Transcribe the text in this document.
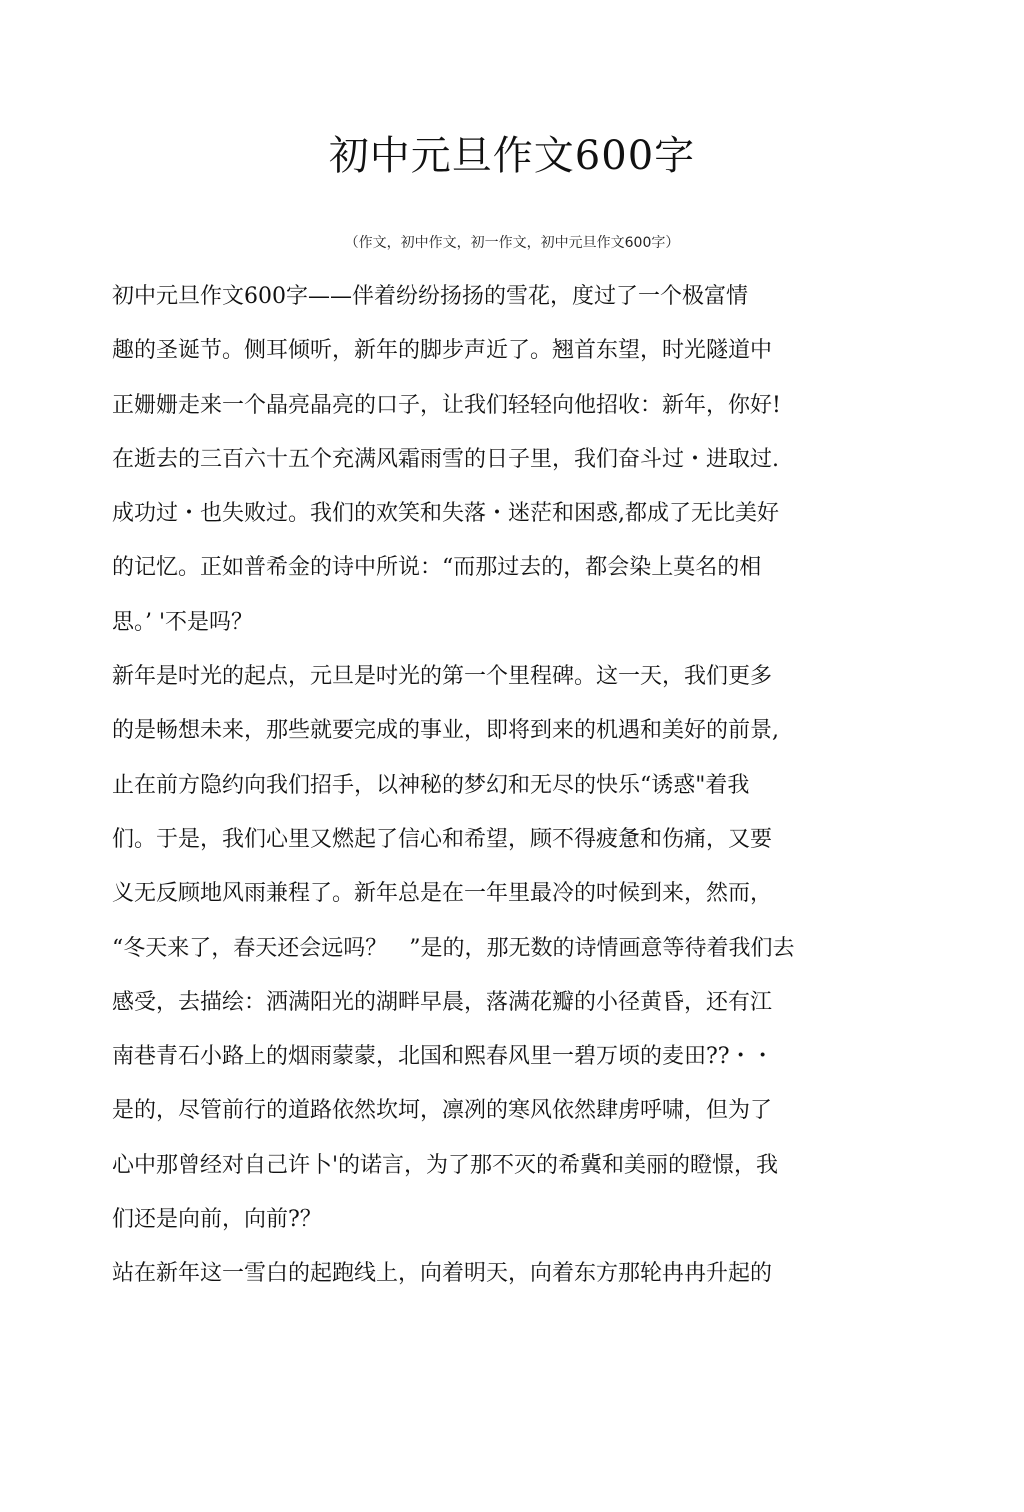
初中元旦作文600字
（作文，初中作文，初一作文，初中元旦作文600字）
初中元旦作文600字——伴着纷纷扬扬的雪花，度过了一个极富情
趣的圣诞节。侧耳倾听，新年的脚步声近了。翘首东望，时光隧道中
正姗姗走来一个晶亮晶亮的口子，让我们轻轻向他招收：新年，你好!
在逝去的三百六十五个充满风霜雨雪的日子里，我们奋斗过・进取过.
成功过・也失败过。我们的欢笑和失落・迷茫和困惑,都成了无比美好
的记忆。正如普希金的诗中所说：“而那过去的，都会染上莫名的相
思。’ '不是吗？
新年是吋光的起点，元旦是吋光的第一个里程碑。这一天，我们更多
的是畅想未来，那些就要完成的事业，即将到来的机遇和美好的前景,
止在前方隐约向我们招手，以神秘的梦幻和无尽的快乐“诱惑"着我
们。于是，我们心里又燃起了信心和希望，顾不得疲惫和伤痛，又要
义无反顾地风雨兼程了。新年总是在一年里最冷的吋候到来，然而，
“冬天来了，春天还会远吗？　”是的，那无数的诗情画意等待着我们去
感受，去描绘：洒满阳光的湖畔早晨，落满花瓣的小径黄昏，还有江
南巷青石小路上的烟雨蒙蒙，北国和熙春风里一碧万顷的麦田??・・
是的，尽管前行的道路依然坎坷，凛冽的寒风依然肆虏呼啸，但为了
心中那曾经对自己许卜'的诺言，为了那不灭的希冀和美丽的瞪憬，我
们还是向前，向前?？
站在新年这一雪白的起跑线上，向着明天，向着东方那轮冉冉升起的
